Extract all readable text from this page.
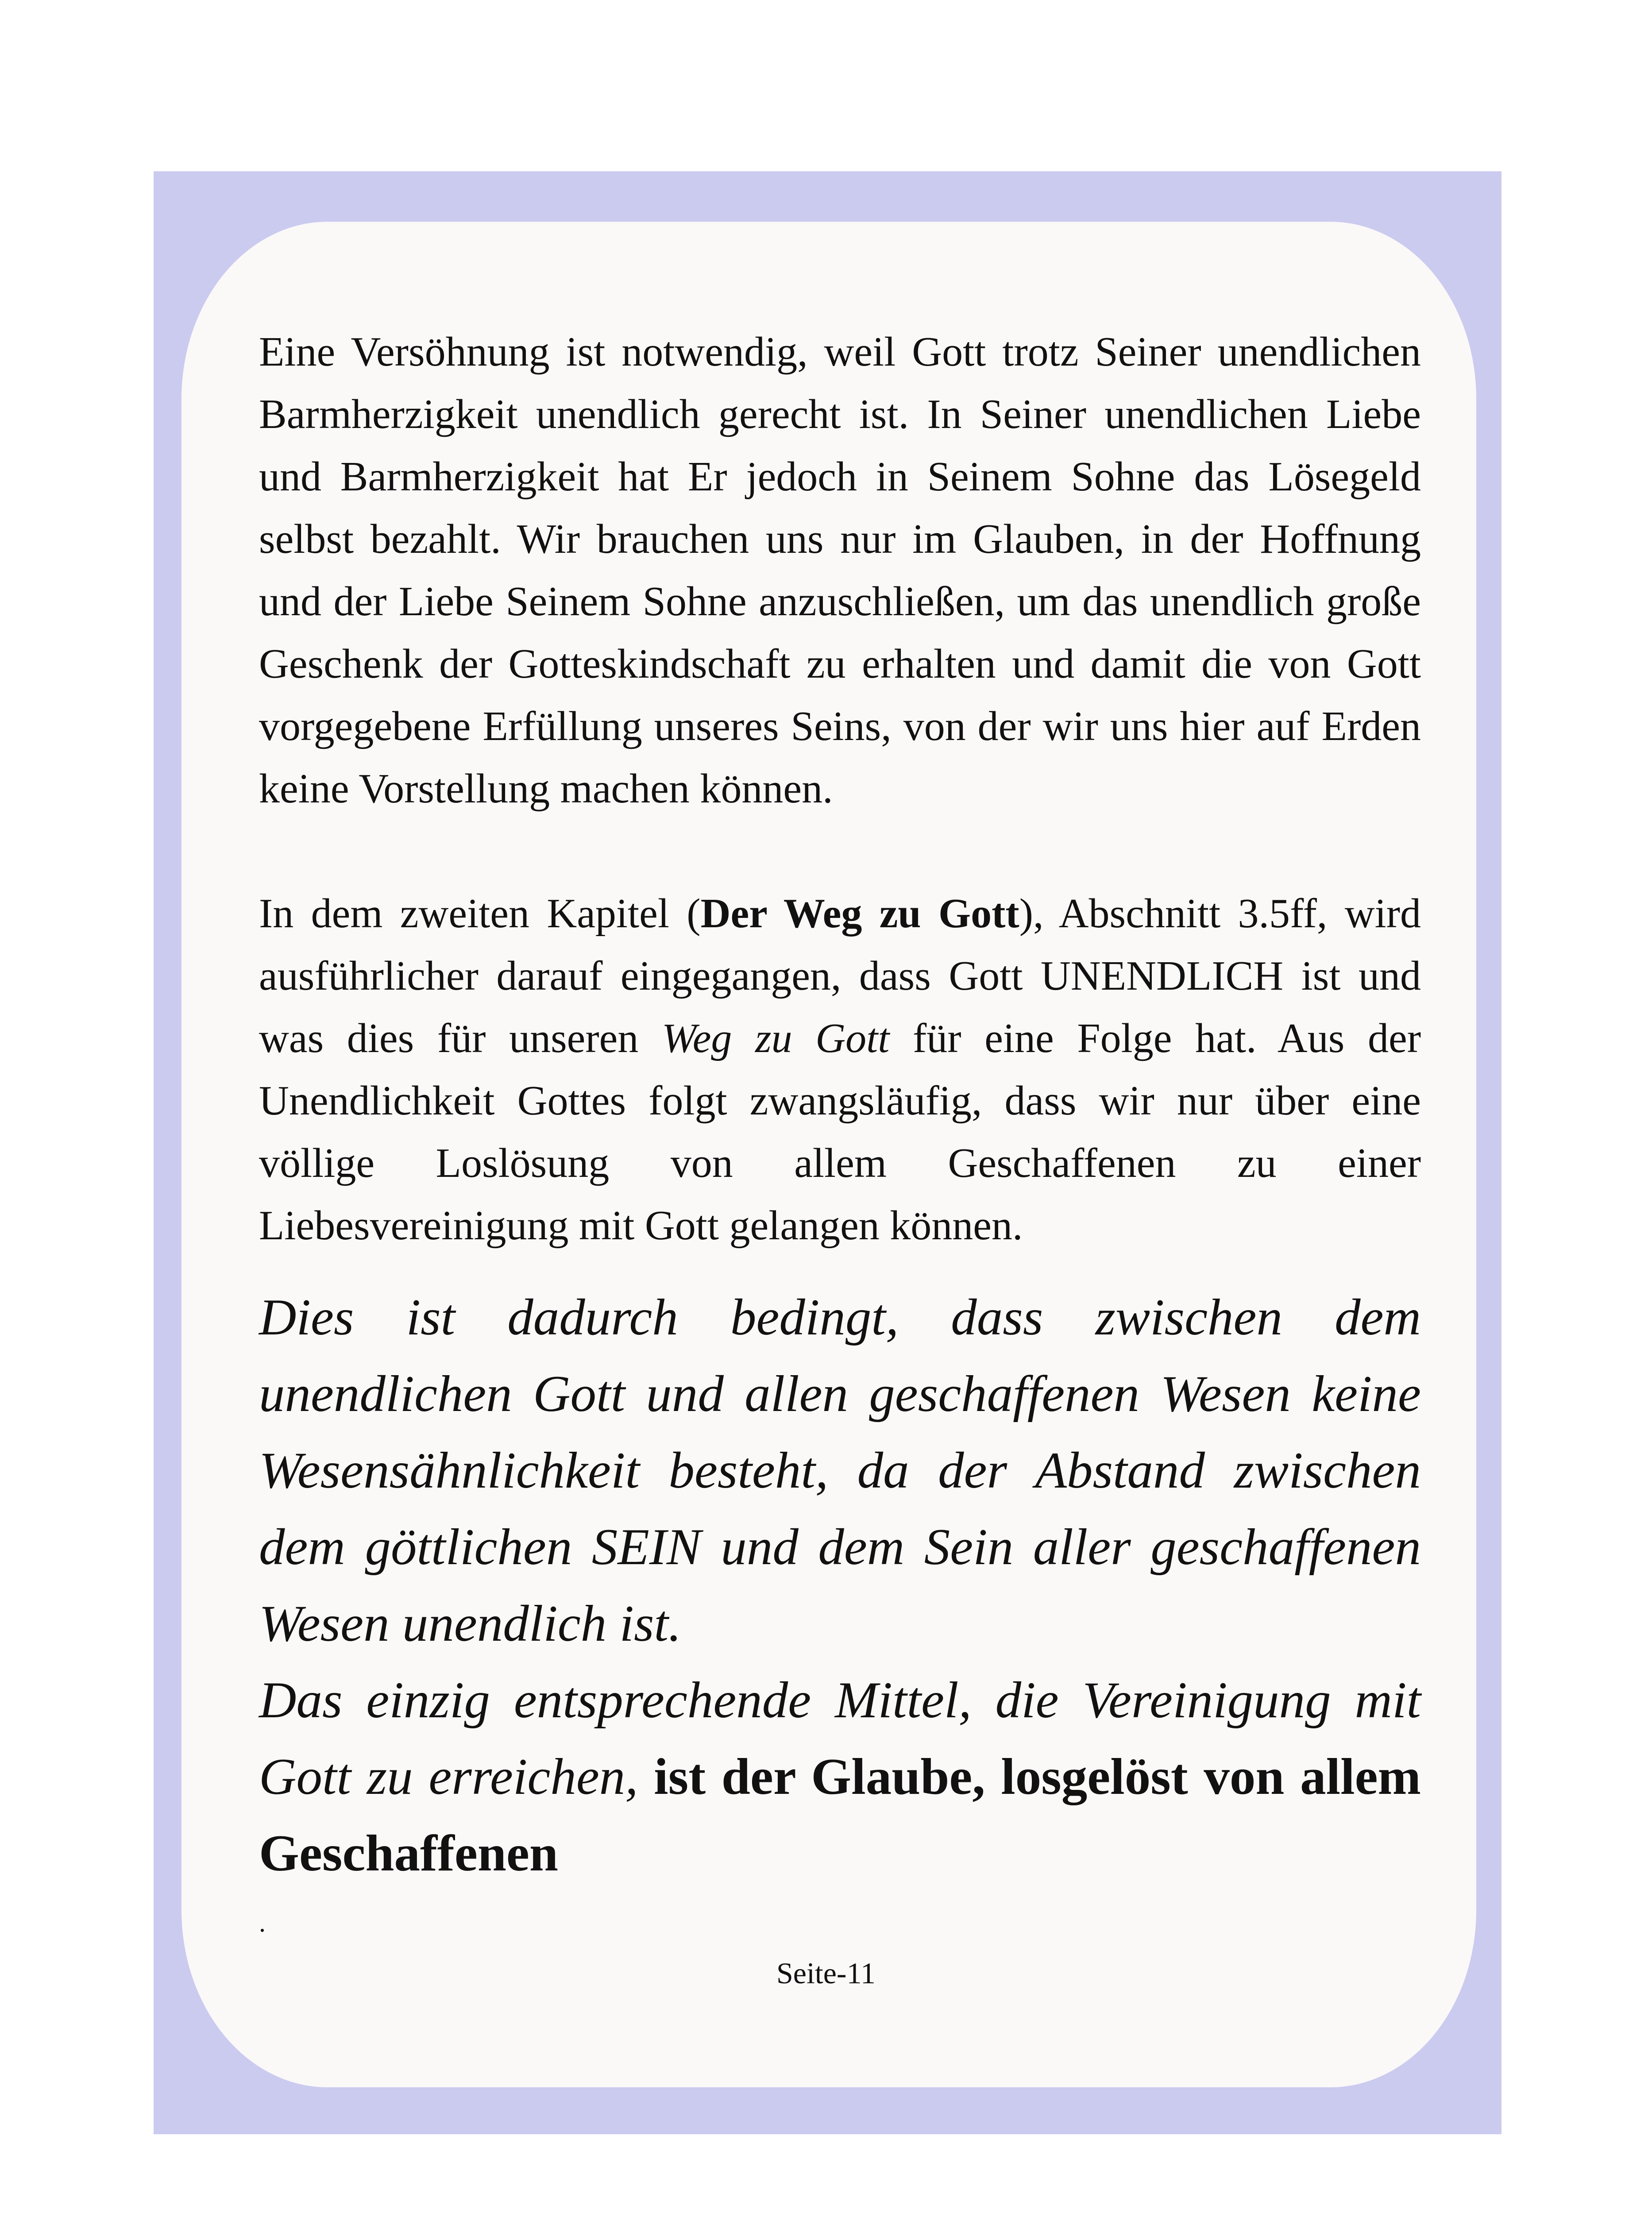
Eine Versöhnung ist notwendig, weil Gott trotz Seiner unendlichen Barmherzigkeit unendlich gerecht ist. In Seiner unendlichen Liebe und Barmherzigkeit hat Er jedoch in Seinem Sohne das Lösegeld selbst bezahlt. Wir brauchen uns nur im Glauben, in der Hoffnung und der Liebe Seinem Sohne anzuschließen, um das unendlich große Geschenk der Gotteskindschaft zu erhalten und damit die von Gott vorgegebene Erfüllung unseres Seins, von der wir uns hier auf Erden keine Vorstellung machen können.

In dem zweiten Kapitel (Der Weg zu Gott), Abschnitt 3.5ff, wird ausführlicher darauf eingegangen, dass Gott UNENDLICH ist und was dies für unseren Weg zu Gott für eine Folge hat. Aus der Unendlichkeit Gottes folgt zwangsläufig, dass wir nur über eine völlige Loslösung von allem Geschaffenen zu einer Liebesvereinigung mit Gott gelangen können.

Dies ist dadurch bedingt, dass zwischen dem unendlichen Gott und allen geschaffenen Wesen keine Wesensähnlichkeit besteht, da der Abstand zwischen dem göttlichen SEIN und dem Sein aller geschaffenen Wesen unendlich ist.

Das einzig entsprechende Mittel, die Vereinigung mit Gott zu erreichen, ist der Glaube, losgelöst von allem Geschaffenen

.

Seite-11
